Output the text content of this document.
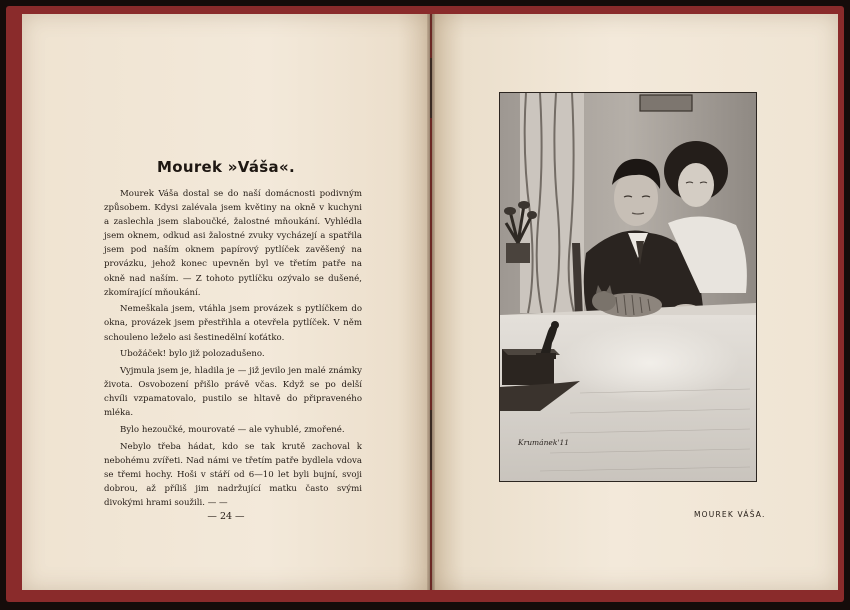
Mourek »Váša«.

Mourek Váša dostal se do naší domácnosti podivným způsobem. Kdysi zalévala jsem květiny na okně v kuchyni a zaslechla jsem slaboučké, žalostné mňoukání. Vyhlédla jsem oknem, odkud asi žalostné zvuky vycházejí a spatřila jsem pod naším oknem papírový pytlíček zavěšený na provázku, jehož konec upevněn byl ve třetím patře na okně nad naším. — Z tohoto pytlíčku ozývalo se dušené, zkomírající mňoukání.

Nemeškala jsem, vtáhla jsem provázek s pytlíčkem do okna, provázek jsem přestřihla a otevřela pytlíček. V něm schouleno leželo asi šestinedělní koťátko.

Ubožáček! bylo již polozadušeno.

Vyjmula jsem je, hladila je — již jevilo jen malé známky života. Osvobození přišlo právě včas. Když se po delší chvíli vzpamatovalo, pustilo se hltavě do připraveného mléka.

Bylo hezoučké, mourovaté — ale vyhublé, zmořené.

Nebylo třeba hádat, kdo se tak krutě zachoval k nebohému zvířeti. Nad námi ve třetím patře bydlela vdova se třemi hochy. Hoši v stáří od 6—10 let byli bujní, svoji dobrou, až příliš jim nadržující matku často svými divokými hrami soužili. — —

— 24 —
Krumánek'11
MOUREK VÁŠA.
